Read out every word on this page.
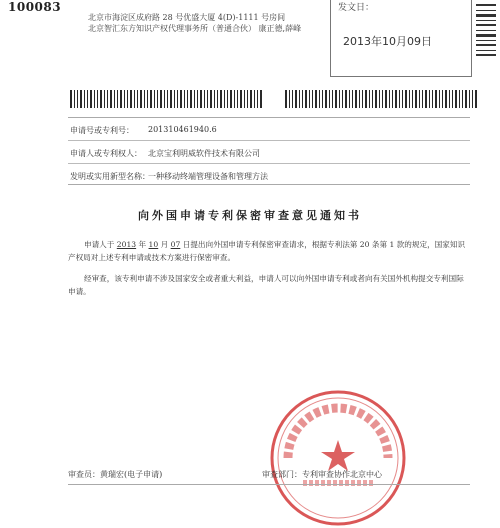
100083
北京市海淀区成府路 28 号优盛大厦 4(D)-1111 号房间
北京智汇东方知识产权代理事务所（普通合伙） 康正德,薛峰
发文日：
2013年10月09日
申请号或专利号： 201310461940.6
申请人或专利权人： 北京宝利明威软件技术有限公司
发明或实用新型名称：
一种移动终端管理设备和管理方法
向外国申请专利保密审查意见通知书
申请人于 2013 年 10 月 07 日提出向外国申请专利保密审查请求，根据专利法第 20 条第 1 款的规定，国家知识产权局对上述专利申请或技术方案进行保密审查。
经审查，该专利申请不涉及国家安全或者重大利益，申请人可以向外国申请专利或者向有关国外机构提交专利国际申请。
审查员：黄瑞宏(电子申请)	审查部门：专利审查协作北京中心
